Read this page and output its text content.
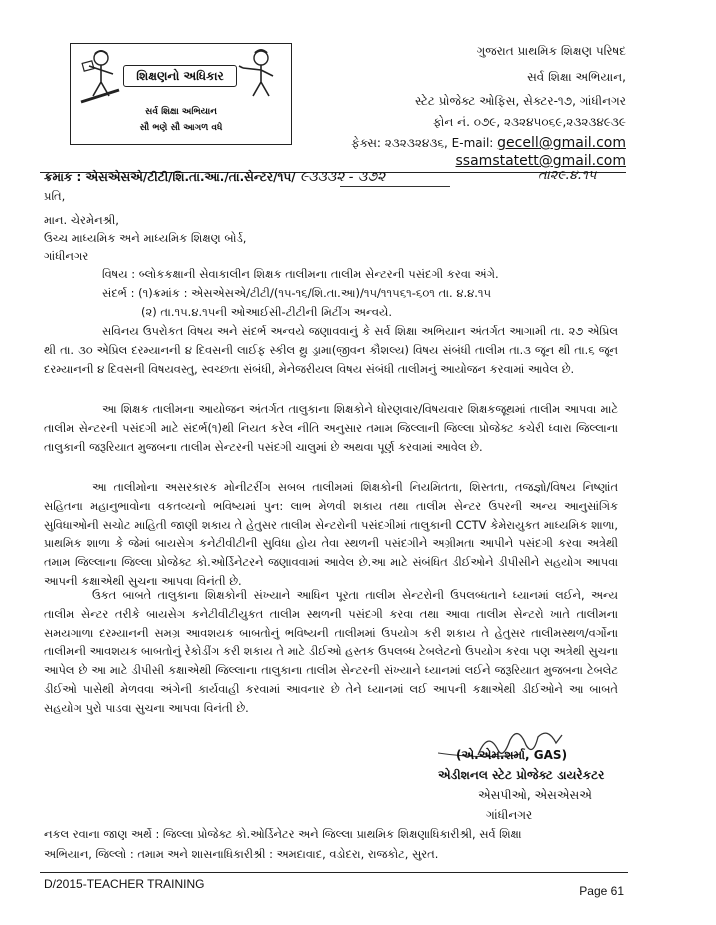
શિક્ષણનો અધિકાર
સર્વ શિક્ષા અભિયાન
સૌ ભણે સૌ આગળ વધે
ગુજરાત પ્રાથમિક શિક્ષણ પરિષદ
સર્વ શિક્ષા અભિયાન,
સ્ટેટ પ્રોજેક્ટ ઓફિસ, સેક્ટર-૧૭, ગાંધીનગર
ફોન નં. ૦૭૯, ૨૩૨૪૫૦૬૯,૨૩૨૩૪૯૩૯
ફેક્સ: ૨૩૨૩૨૪૩૬, E-mail: gecell@gmail.com
ssamstatett@gmail.com
ક્રમાક : એસએસએ/ટીટી/શિ.તા.આ./તા.સેન્ટર/૧૫/ ૯૩૩૩૨ - ૩૭૨	તા૨૯.૪.૧૫
પ્રતિ,
માન. ચેરમેનશ્રી,
ઉચ્ચ માધ્યમિક અને માધ્યમિક શિક્ષણ બોર્ડ,
ગાંધીનગર
વિષય : બ્લોકકક્ષાની સેવાકાલીન શિક્ષક તાલીમના તાલીમ સેન્ટરની પસંદગી કરવા અંગે.
સંદર્ભ : (૧)ક્રમાંક : એસએસએ/ટીટી/(૧૫-૧૬/શિ.તા.આ)/૧૫/૧૧૫૬૧-૬૦૧ તા. ૪.૪.૧૫
(૨) તા.૧૫.૪.૧૫ની ઓઆઈસી-ટીટીની મિટીંગ અન્વયે.
સવિનય ઉપરોકત વિષય અને સંદર્ભ અન્વયે જણાવવાનું કે સર્વ શિક્ષા અભિયાન અંતર્ગત આગામી તા. ૨૭ એપ્રિલ થી તા. ૩૦ એપ્રિલ દરમ્યાનની ૪ દિવસની લાઈફ સ્કીલ થ્રુ ડ્રામા(જીવન કૌશલ્ય) વિષય સંબંધી તાલીમ તા.૩ જૂન થી તા.૬ જૂન દરમ્યાનની ૪ દિવસની વિષયવસ્તુ, સ્વચ્છતા સંબંધી, મેનેજરીયલ વિષય સંબંધી તાલીમનું આયોજન કરવામાં આવેલ છે.
આ શિક્ષક તાલીમના આયોજન અંતર્ગત તાલુકાના શિક્ષકોને ધોરણવાર/વિષયવાર શિક્ષકજૂથમાં તાલીમ આપવા માટે તાલીમ સેન્ટરની પસંદગી માટે સંદર્ભ(૧)થી નિયત કરેલ નીતિ અનુસાર તમામ જિલ્લાની જિલ્લા પ્રોજેક્ટ કચેરી ધ્વારા જિલ્લાના તાલુકાની જરૂરિયાત મુજબના તાલીમ સેન્ટરની પસંદગી ચાલુમાં છે અથવા પૂર્ણ કરવામાં આવેલ છે.
આ તાલીમોના અસરકારક મોનીટરીંગ સબબ તાલીમમાં શિક્ષકોની નિયમિતતા, શિસ્તતા, તજજ્ઞો/વિષય નિષ્ણાંત સહિતના મહાનુભાવોના વકતવ્યનો ભવિષ્યમાં પુન: લાભ મેળવી શકાય તથા તાલીમ સેન્ટર ઉપરની અન્ય આનુસાંગિક સુવિધાઓની સચોટ માહિતી જાણી શકાય તે હેતુસર તાલીમ સેન્ટરોની પસંદગીમાં તાલુકાની CCTV કેમેરાયુકત માધ્યમિક શાળા, પ્રાથમિક શાળા કે જેમાં બાયસેગ કનેટીવીટીની સુવિધા હોય તેવા સ્થળની પસંદગીને અગ્રીમતા આપીને પસંદગી કરવા અત્રેથી તમામ જિલ્લાના જિલ્લા પ્રોજેક્ટ કો.ઓર્ડિનેટરને જણાવવામાં આવેલ છે.આ માટે સંબંધિત ડીઈઓને ડીપીસીને સહયોગ આપવા આપની કક્ષાએથી સુચના આપવા વિનંતી છે.
ઉકત બાબતે તાલુકાના શિક્ષકોની સંખ્યાને આધિન પૂરતા તાલીમ સેન્ટરોની ઉપલબ્ધતાને ધ્યાનમાં લઈને, અન્ય તાલીમ સેન્ટર તરીકે બાયસેગ કનેટીવીટીયુકત તાલીમ સ્થળની પસંદગી કરવા તથા આવા તાલીમ સેન્ટરો ખાતે તાલીમના સમયગાળા દરમ્યાનની સમગ્ર આવશયક બાબતોનું ભવિષ્યની તાલીમમાં ઉપયોગ કરી શકાય તે હેતુસર તાલીમસ્થળ/વર્ગોના તાલીમની આવશયક બાબતોનું રેકોડીંગ કરી શકાય તે માટે ડીઈઓ હસ્તક ઉપલબ્ધ ટેબલેટનો ઉપયોગ કરવા પણ અત્રેથી સુચના આપેલ છે આ માટે ડીપીસી કક્ષાએથી જિલ્લાના તાલુકાના તાલીમ સેન્ટરની સંખ્યાને ધ્યાનમાં લઈને જરૂરિયાત મુજબના ટેબલેટ ડીઈઓ પાસેથી મેળવવા અંગેની કાર્યવાહી કરવામાં આવનાર છે તેને ધ્યાનમાં લઈ આપની કક્ષાએથી ડીઈઓને આ બાબતે સહયોગ પુરો પાડવા સુચના આપવા વિનંતી છે.
(એ.એમ.શર્મા, GAS)
એડીશનલ સ્ટેટ પ્રોજેક્ટ ડાયરેકટર
એસપીઓ, એસએસએ
ગાંધીનગર
નકલ રવાના જાણ અર્થે : જિલ્લા પ્રોજેક્ટ કો.ઓર્ડિનેટર અને જિલ્લા પ્રાથમિક શિક્ષણાધિકારીશ્રી, સર્વ શિક્ષા
અભિયાન, જિલ્લો : તમામ અને શાસનાધિકારીશ્રી : અમદાવાદ, વડોદરા, રાજકોટ, સુરત.
D/2015-TEACHER TRAINING	Page 61
